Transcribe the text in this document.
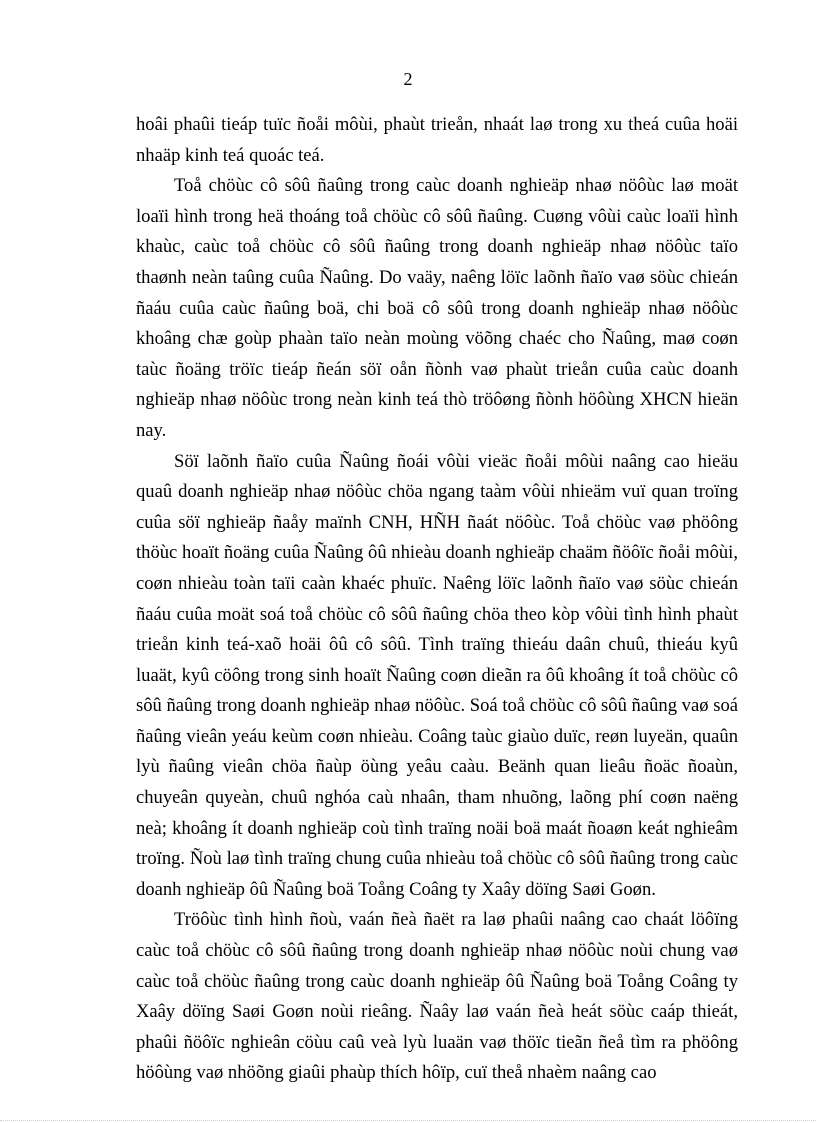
2

hoâi phaûi tieáp tuïc ñoåi môùi, phaùt trieån, nhaát laø trong xu theá cuûa hoäi nhaäp kinh teá quoác teá.

Toå chöùc cô sôû ñaûng trong caùc doanh nghieäp nhaø nöôùc laø moät loaïi hình trong heä thoáng toå chöùc cô sôû ñaûng. Cuøng vôùi caùc loaïi hình khaùc, caùc toå chöùc cô sôû ñaûng trong doanh nghieäp nhaø nöôùc taïo thaønh neàn taûng cuûa Ñaûng. Do vaäy, naêng löïc laõnh ñaïo vaø söùc chieán ñaáu cuûa caùc ñaûng boä, chi boä cô sôû trong doanh nghieäp nhaø nöôùc khoâng chæ goùp phaàn taïo neàn moùng vöõng chaéc cho Ñaûng, maø coøn taùc ñoäng tröïc tieáp ñeán söï oån ñònh vaø phaùt trieån cuûa caùc doanh nghieäp nhaø nöôùc trong neàn kinh teá thò tröôøng ñònh höôùng XHCN hieän nay.

Söï laõnh ñaïo cuûa Ñaûng ñoái vôùi vieäc ñoåi môùi naâng cao hieäu quaû doanh nghieäp nhaø nöôùc chöa ngang taàm vôùi nhieäm vuï quan troïng cuûa söï nghieäp ñaåy maïnh CNH, HÑH ñaát nöôùc. Toå chöùc vaø phöông thöùc hoaït ñoäng cuûa Ñaûng ôû nhieàu doanh nghieäp chaäm ñöôïc ñoåi môùi, coøn nhieàu toàn taïi caàn khaéc phuïc. Naêng löïc laõnh ñaïo vaø söùc chieán ñaáu cuûa moät soá toå chöùc cô sôû ñaûng chöa theo kòp vôùi tình hình phaùt trieån kinh teá-xaõ hoäi ôû cô sôû. Tình traïng thieáu daân chuû, thieáu kyû luaät, kyû cöông trong sinh hoaït Ñaûng coøn dieãn ra ôû khoâng ít toå chöùc cô sôû ñaûng trong doanh nghieäp nhaø nöôùc. Soá toå chöùc cô sôû ñaûng vaø soá ñaûng vieân yeáu keùm coøn nhieàu. Coâng taùc giaùo duïc, reøn luyeän, quaûn lyù ñaûng vieân chöa ñaùp öùng yeâu caàu. Beänh quan lieâu ñoäc ñoaùn, chuyeân quyeàn, chuû nghóa caù nhaân, tham nhuõng, laõng phí coøn naëng neà; khoâng ít doanh nghieäp coù tình traïng noäi boä maát ñoaøn keát nghieâm troïng. Ñoù laø tình traïng chung cuûa nhieàu toå chöùc cô sôû ñaûng trong caùc doanh nghieäp ôû Ñaûng boä Toång Coâng ty Xaây döïng Saøi Goøn.

Tröôùc tình hình ñoù, vaán ñeà ñaët ra laø phaûi naâng cao chaát löôïng caùc toå chöùc cô sôû ñaûng trong doanh nghieäp nhaø nöôùc noùi chung vaø caùc toå chöùc ñaûng trong caùc doanh nghieäp ôû Ñaûng boä Toång Coâng ty Xaây döïng Saøi Goøn noùi rieâng. Ñaây laø vaán ñeà heát söùc caáp thieát, phaûi ñöôïc nghieân cöùu caû veà lyù luaän vaø thöïc tieãn ñeå tìm ra phöông höôùng vaø nhöõng giaûi phaùp thích hôïp, cuï theå nhaèm naâng cao
